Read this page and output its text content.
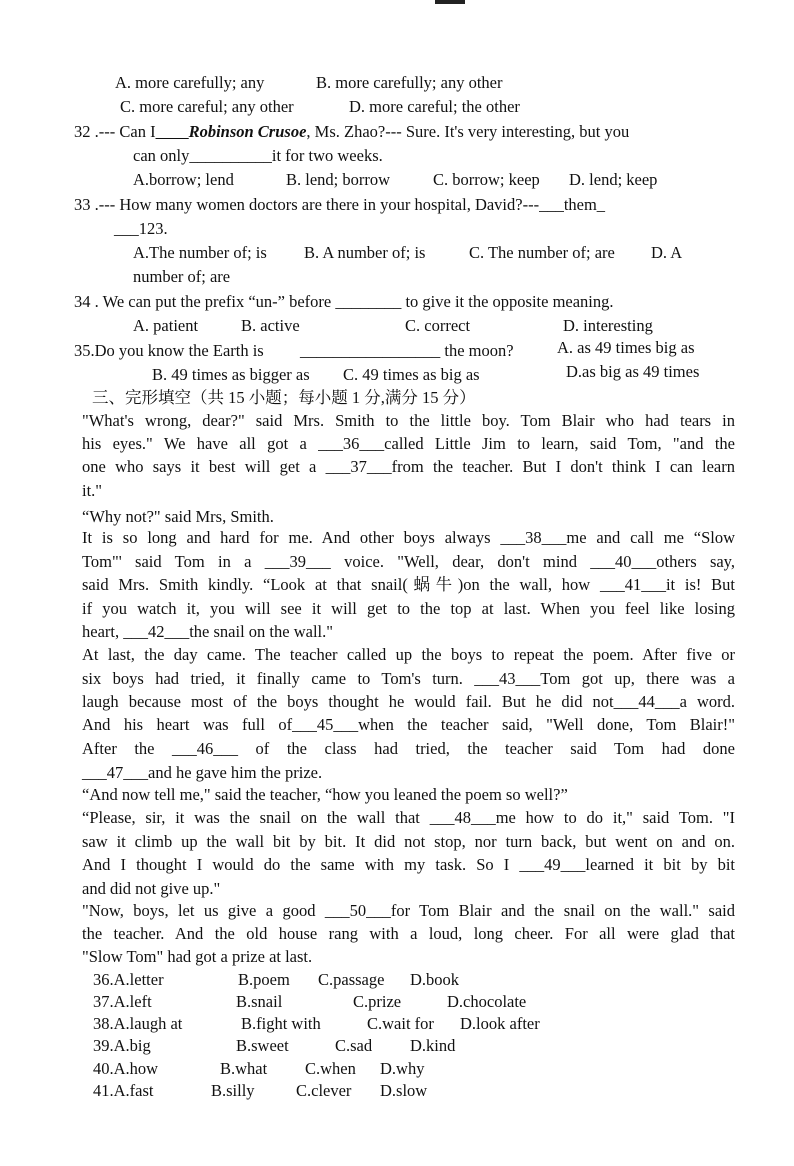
A. more carefully; any	B. more carefully; any other
C. more careful; any other	D. more careful; the other
32 .--- Can I____Robinson Crusoe, Ms. Zhao?--- Sure. It's very interesting, but you
can only__________it for two weeks.
A.borrow; lend	B. lend; borrow	C. borrow; keep D. lend; keep
33 .--- How many women doctors are there in your hospital, David?---___them_
___123.
A.The number of; is B. A number of; is	C. The number of; are D. A
number of; are
34 . We can put the prefix “un-” before ________ to give it the opposite meaning.
A. patient	B. active	C. correct	D. interesting
35.Do you know the Earth is _________________ the moon?	A. as 49 times big as
B. 49 times as bigger as C. 49 times as big as	D.as big as 49 times
三、完形填空（共 15 小题；每小题 1 分,满分 15 分）
"What's wrong, dear?" said Mrs. Smith to the little boy. Tom Blair who had tears in
his eyes." We have all got a ___36___called Little Jim to learn, said Tom, "and the
one who says it best will get a ___37___from the teacher. But I don't think I can learn
it."
“Why not?" said Mrs, Smith.
It is so long and hard for me. And other boys always ___38___me and call me “Slow
Tom"' said Tom in a ___39___ voice. "Well, dear, don't mind ___40___others say,
said Mrs. Smith kindly. “Look at that snail(蜗牛)on the wall, how ___41___it is! But
if you watch it, you will see it will get to the top at last. When you feel like losing
heart, ___42___the snail on the wall."
At last, the day came. The teacher called up the boys to repeat the poem. After five or
six boys had tried, it finally came to Tom's turn. ___43___Tom got up, there was a
laugh because most of the boys thought he would fail. But he did not___44___a word.
And his heart was full of___45___when the teacher said, "Well done, Tom Blair!"
After the ___46___ of the class had tried, the teacher said Tom had done
___47___and he gave him the prize.
“And now tell me," said the teacher, “how you leaned the poem so well?”
“Please, sir, it was the snail on the wall that ___48___me how to do it," said Tom. "I
saw it climb up the wall bit by bit. It did not stop, nor turn back, but went on and on.
And I thought I would do the same with my task. So I ___49___learned it bit by bit
and did not give up."
"Now, boys, let us give a good ___50___for Tom Blair and the snail on the wall." said
the teacher. And the old house rang with a loud, long cheer. For all were glad that
"Slow Tom" had got a prize at last.
36.A.letter	B.poem C.passage D.book
37.A.left	B.snail	C.prize	D.chocolate
38.A.laugh at	B.fight with	C.wait for D.look after
39.A.big	B.sweet	C.sad D.kind
40.A.how	B.what C.when D.why
41.A.fast	B.silly	C.clever D.slow
